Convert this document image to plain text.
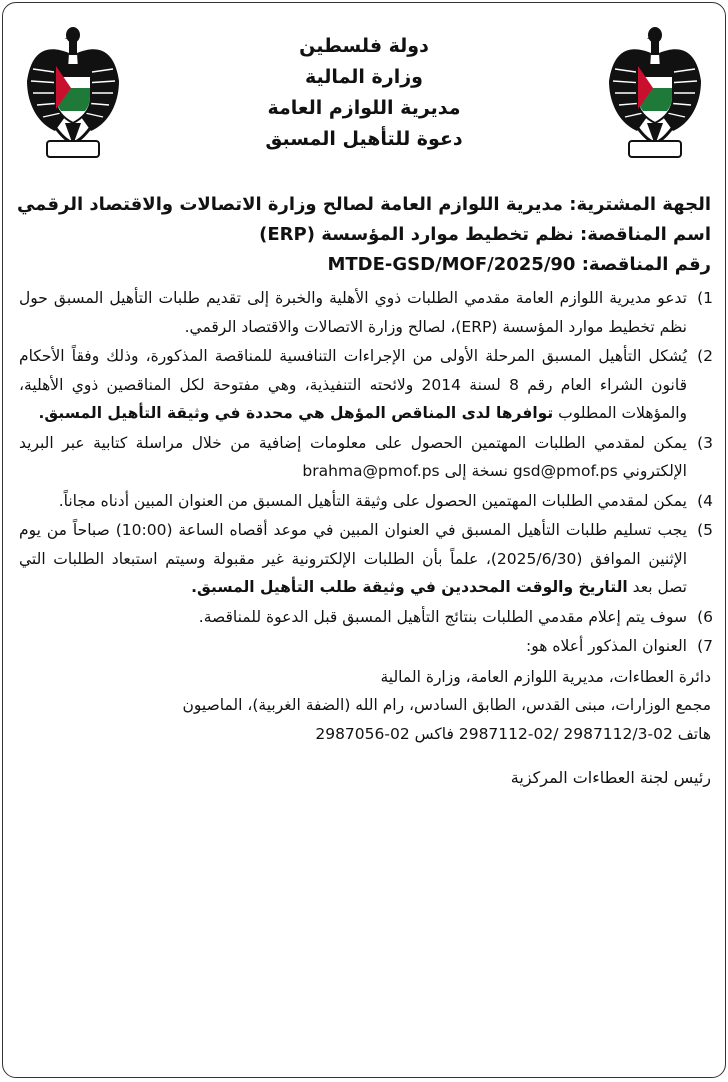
دولة فلسطين
وزارة المالية
مديرية اللوازم العامة
دعوة للتأهيل المسبق
الجهة المشترية: مديرية اللوازم العامة لصالح وزارة الاتصالات والاقتصاد الرقمي
اسم المناقصة: نظم تخطيط موارد المؤسسة (ERP)
رقم المناقصة: MTDE-GSD/MOF/2025/90
1)
تدعو مديرية اللوازم العامة مقدمي الطلبات ذوي الأهلية والخبرة إلى تقديم طلبات التأهيل المسبق حول نظم تخطيط موارد المؤسسة (ERP)، لصالح وزارة الاتصالات والاقتصاد الرقمي.
2)
يُشكل التأهيل المسبق المرحلة الأولى من الإجراءات التنافسية للمناقصة المذكورة، وذلك وفقاً الأحكام قانون الشراء العام رقم 8 لسنة 2014 ولائحته التنفيذية، وهي مفتوحة لكل المناقصين ذوي الأهلية، والمؤهلات المطلوب توافرها لدى المناقص المؤهل هي محددة في وثيقة التأهيل المسبق.
3)
يمكن لمقدمي الطلبات المهتمين الحصول على معلومات إضافية من خلال مراسلة كتابية عبر البريد الإلكتروني gsd@pmof.ps نسخة إلى brahma@pmof.ps
4)
يمكن لمقدمي الطلبات المهتمين الحصول على وثيقة التأهيل المسبق من العنوان المبين أدناه مجاناً.
5)
يجب تسليم طلبات التأهيل المسبق في العنوان المبين في موعد أقصاه الساعة (10:00) صباحاً من يوم الإثنين الموافق (2025/6/30)، علماً بأن الطلبات الإلكترونية غير مقبولة وسيتم استبعاد الطلبات التي تصل بعد التاريخ والوقت المحددين في وثيقة طلب التأهيل المسبق.
6)
سوف يتم إعلام مقدمي الطلبات بنتائج التأهيل المسبق قبل الدعوة للمناقصة.
7)
العنوان المذكور أعلاه هو:
دائرة العطاءات، مديرية اللوازم العامة، وزارة المالية
مجمع الوزارات، مبنى القدس، الطابق السادس، رام الله (الضفة الغربية)، الماصيون
هاتف 02-2987112/3 /02-2987112 فاكس 02-2987056
رئيس لجنة العطاءات المركزية
